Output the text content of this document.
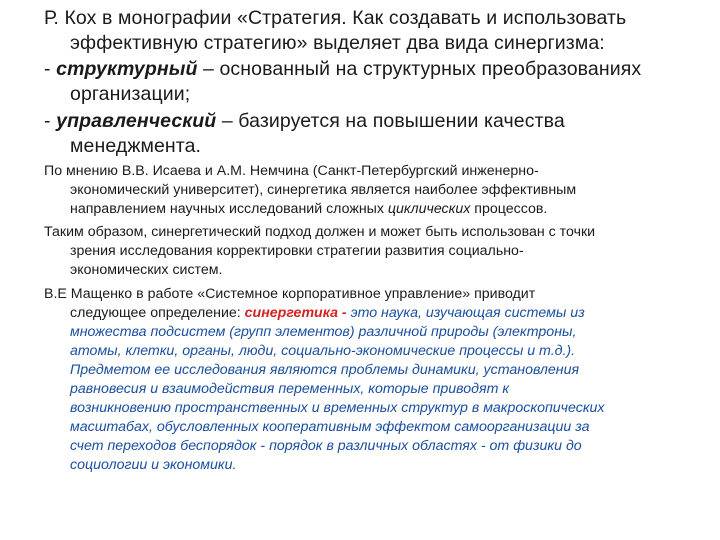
Р. Кох в монографии «Стратегия. Как создавать и использовать
эффективную стратегию» выделяет два вида синергизма:

- структурный – основанный на структурных преобразованиях
организации;

- управленческий – базируется на повышении качества
менеджмента.

По мнению В.В. Исаева и А.М. Немчина (Санкт-Петербургский инженерно-
экономический университет), синергетика является наиболее эффективным
направлением научных исследований сложных циклических процессов.

Таким образом, синергетический подход должен и может быть использован с точки
зрения исследования корректировки стратегии развития социально-
экономических систем.

В.Е Мащенко в работе «Системное корпоративное управление» приводит
следующее определение: синергетика - это наука, изучающая системы из
множества подсистем (групп элементов) различной природы (электроны,
атомы, клетки, органы, люди, социально-экономические процессы и т.д.).
Предметом ее исследования являются проблемы динамики, установления
равновесия и взаимодействия переменных, которые приводят к
возникновению пространственных и временных структур в макроскопических
масштабах, обусловленных кооперативным эффектом самоорганизации за
счет переходов беспорядок - порядок в различных областях - от физики до
социологии и экономики.
